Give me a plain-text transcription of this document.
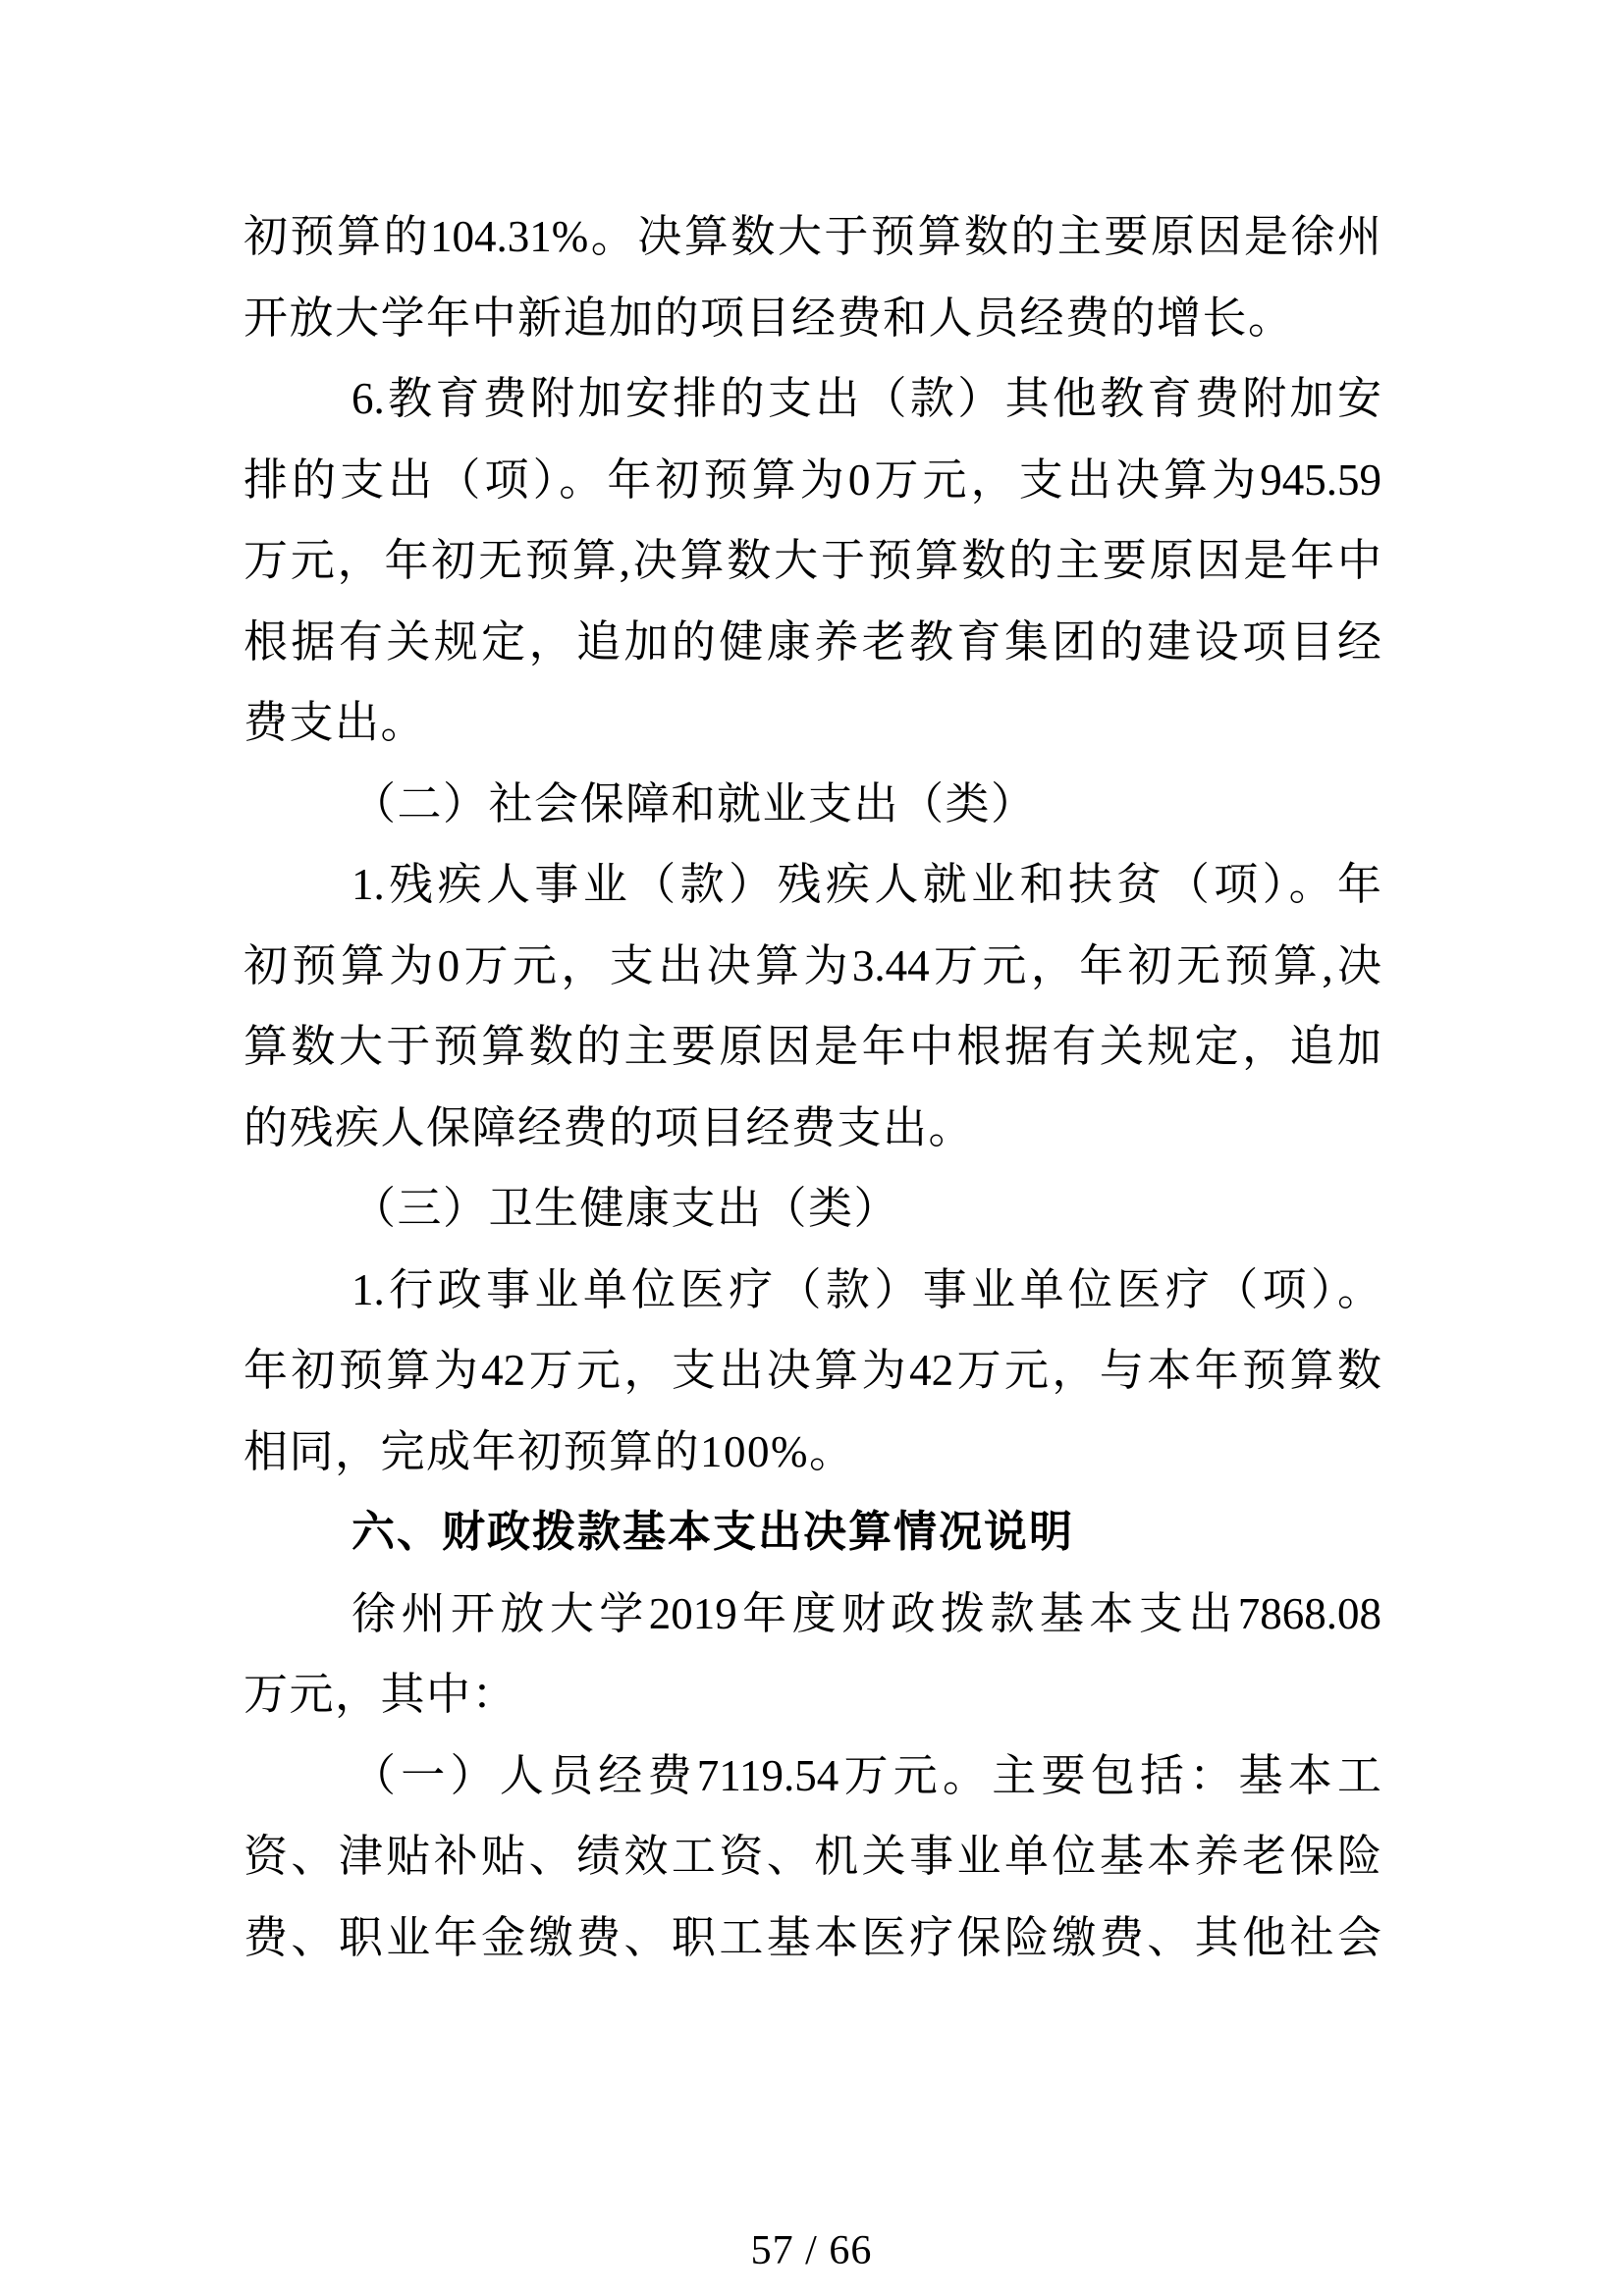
初预算的104.31%。决算数大于预算数的主要原因是徐州
开放大学年中新追加的项目经费和人员经费的增长。
6.教育费附加安排的支出（款）其他教育费附加安
排的支出（项）。年初预算为0万元，支出决算为945.59
万元，年初无预算,决算数大于预算数的主要原因是年中
根据有关规定，追加的健康养老教育集团的建设项目经
费支出。
（二）社会保障和就业支出（类）
1.残疾人事业（款）残疾人就业和扶贫（项）。年
初预算为0万元，支出决算为3.44万元，年初无预算,决
算数大于预算数的主要原因是年中根据有关规定，追加
的残疾人保障经费的项目经费支出。
（三）卫生健康支出（类）
1.行政事业单位医疗（款）事业单位医疗（项）。
年初预算为42万元，支出决算为42万元，与本年预算数
相同，完成年初预算的100%。
六、财政拨款基本支出决算情况说明
徐州开放大学2019年度财政拨款基本支出7868.08
万元，其中：
（一）人员经费7119.54万元。主要包括：基本工
资、津贴补贴、绩效工资、机关事业单位基本养老保险
费、职业年金缴费、职工基本医疗保险缴费、其他社会
57 / 66
